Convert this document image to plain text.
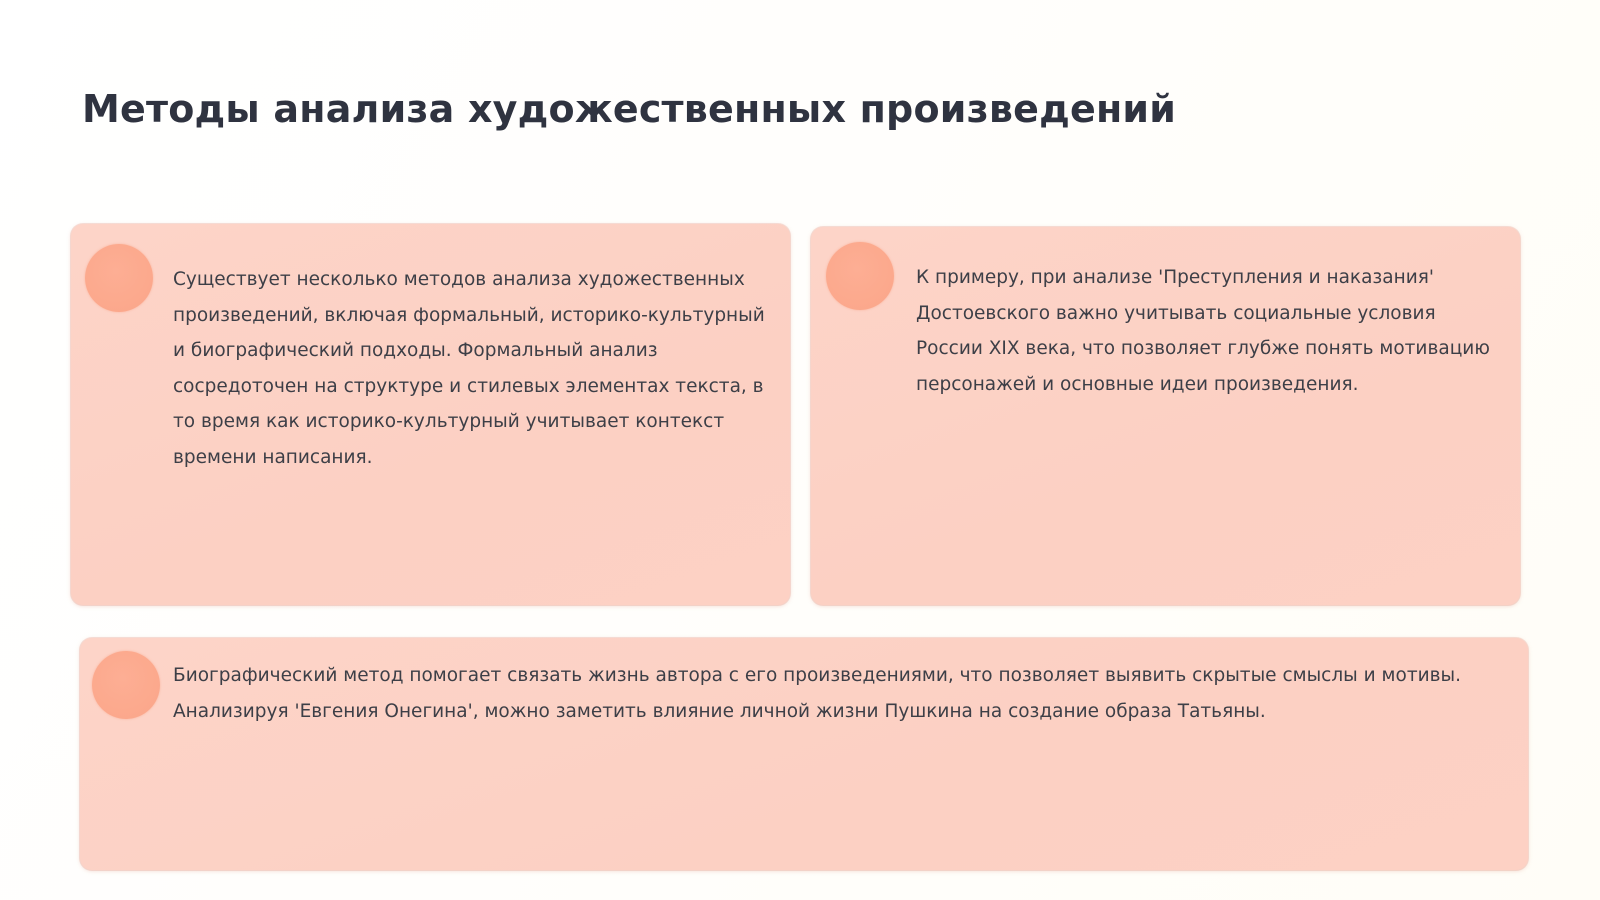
Методы анализа художественных произведений

Существует несколько методов анализа художественных произведений, включая формальный, историко-культурный и биографический подходы. Формальный анализ сосредоточен на структуре и стилевых элементах текста, в то время как историко-культурный учитывает контекст времени написания.

К примеру, при анализе 'Преступления и наказания' Достоевского важно учитывать социальные условия России XIX века, что позволяет глубже понять мотивацию персонажей и основные идеи произведения.

Биографический метод помогает связать жизнь автора с его произведениями, что позволяет выявить скрытые смыслы и мотивы. Анализируя 'Евгения Онегина', можно заметить влияние личной жизни Пушкина на создание образа Татьяны.
